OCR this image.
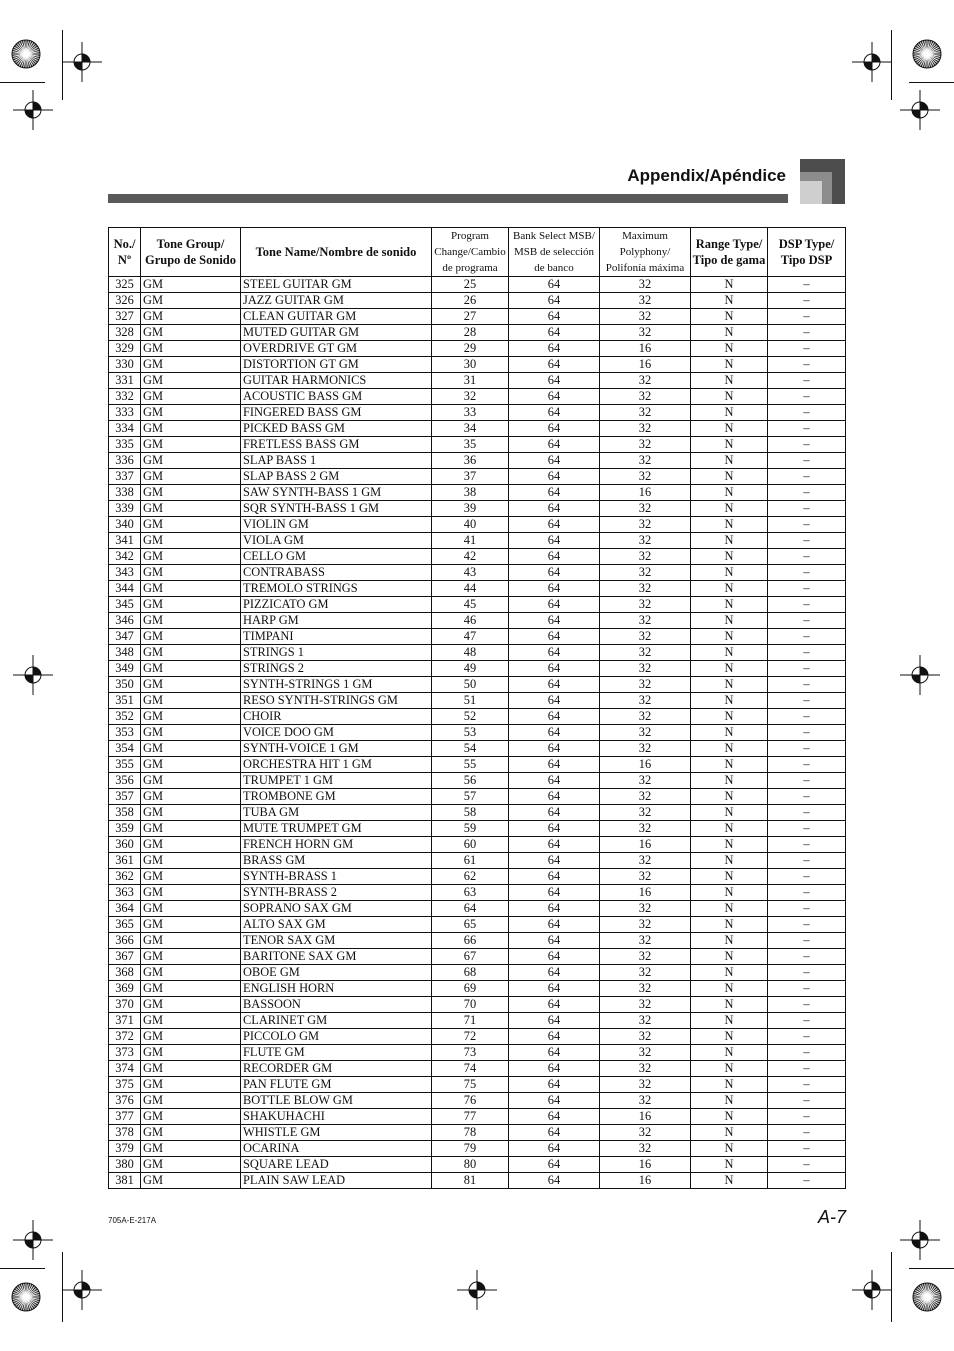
Appendix/Apéndice
No./ Nº	Tone Group/ Grupo de Sonido	Tone Name/Nombre de sonido	Program Change/Cambio de programa	Bank Select MSB/ MSB de selección de banco	Maximum Polyphony/ Polifonía máxima	Range Type/ Tipo de gama	DSP Type/ Tipo DSP
325	GM	STEEL GUITAR GM	25	64	32	N	–
326	GM	JAZZ GUITAR GM	26	64	32	N	–
327	GM	CLEAN GUITAR GM	27	64	32	N	–
328	GM	MUTED GUITAR GM	28	64	32	N	–
329	GM	OVERDRIVE GT GM	29	64	16	N	–
330	GM	DISTORTION GT GM	30	64	16	N	–
331	GM	GUITAR HARMONICS	31	64	32	N	–
332	GM	ACOUSTIC BASS GM	32	64	32	N	–
333	GM	FINGERED BASS GM	33	64	32	N	–
334	GM	PICKED BASS GM	34	64	32	N	–
335	GM	FRETLESS BASS GM	35	64	32	N	–
336	GM	SLAP BASS 1	36	64	32	N	–
337	GM	SLAP BASS 2 GM	37	64	32	N	–
338	GM	SAW SYNTH-BASS 1 GM	38	64	16	N	–
339	GM	SQR SYNTH-BASS 1 GM	39	64	32	N	–
340	GM	VIOLIN GM	40	64	32	N	–
341	GM	VIOLA GM	41	64	32	N	–
342	GM	CELLO GM	42	64	32	N	–
343	GM	CONTRABASS	43	64	32	N	–
344	GM	TREMOLO STRINGS	44	64	32	N	–
345	GM	PIZZICATO GM	45	64	32	N	–
346	GM	HARP GM	46	64	32	N	–
347	GM	TIMPANI	47	64	32	N	–
348	GM	STRINGS 1	48	64	32	N	–
349	GM	STRINGS 2	49	64	32	N	–
350	GM	SYNTH-STRINGS 1 GM	50	64	32	N	–
351	GM	RESO SYNTH-STRINGS GM	51	64	32	N	–
352	GM	CHOIR	52	64	32	N	–
353	GM	VOICE DOO GM	53	64	32	N	–
354	GM	SYNTH-VOICE 1 GM	54	64	32	N	–
355	GM	ORCHESTRA HIT 1 GM	55	64	16	N	–
356	GM	TRUMPET 1 GM	56	64	32	N	–
357	GM	TROMBONE GM	57	64	32	N	–
358	GM	TUBA GM	58	64	32	N	–
359	GM	MUTE TRUMPET GM	59	64	32	N	–
360	GM	FRENCH HORN GM	60	64	16	N	–
361	GM	BRASS GM	61	64	32	N	–
362	GM	SYNTH-BRASS 1	62	64	32	N	–
363	GM	SYNTH-BRASS 2	63	64	16	N	–
364	GM	SOPRANO SAX GM	64	64	32	N	–
365	GM	ALTO SAX GM	65	64	32	N	–
366	GM	TENOR SAX GM	66	64	32	N	–
367	GM	BARITONE SAX GM	67	64	32	N	–
368	GM	OBOE GM	68	64	32	N	–
369	GM	ENGLISH HORN	69	64	32	N	–
370	GM	BASSOON	70	64	32	N	–
371	GM	CLARINET GM	71	64	32	N	–
372	GM	PICCOLO GM	72	64	32	N	–
373	GM	FLUTE GM	73	64	32	N	–
374	GM	RECORDER GM	74	64	32	N	–
375	GM	PAN FLUTE GM	75	64	32	N	–
376	GM	BOTTLE BLOW GM	76	64	32	N	–
377	GM	SHAKUHACHI	77	64	16	N	–
378	GM	WHISTLE GM	78	64	32	N	–
379	GM	OCARINA	79	64	32	N	–
380	GM	SQUARE LEAD	80	64	16	N	–
381	GM	PLAIN SAW LEAD	81	64	16	N	–
705A-E-217A	A-7
